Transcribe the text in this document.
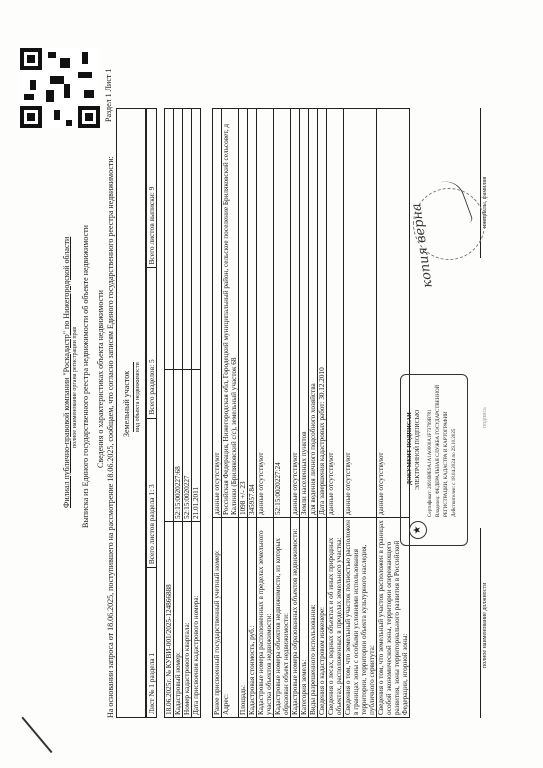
Раздел 1 Лист 1
Филиал публично-правовой компании "Роскадастр" по Нижегородской области полное наименование органа регистрации прав Выписка из Единого государственного реестра недвижимости об объекте недвижимости Сведения о характеристиках объекта недвижимости На основании запроса от 18.06.2025, поступившего на рассмотрение 18.06.2025, сообщаем, что согласно записям Единого государственного реестра недвижимости: Земельный участок вид объекта недвижимости
Лист № 1 раздела 1	Всего листов раздела 1: 3	Всего разделов: 5	Всего листов выписки: 9
18.06.2025г. № КУВИ-001/2025-124866888		
Кадастровый номер:	52:15:0020227:68	
Номер кадастрового квартала:	52:15:0020227	
Дата присвоения кадастрового номера:	21.01.2011	
Ранее присвоенный государственный учетный номер:	данные отсутствуют
Адрес:	Российская Федерация, Нижегородская обл, Городецкий муниципальный район, сельское поселение Бриляковский сельсовет, д Калинки (Бриляковский с/с), земельный участок 68
Площадь:	1098 +/- 23
Кадастровая стоимость, руб.:	345957.84
Кадастровые номера расположенных в пределах земельного участка объектов недвижимости:	данные отсутствуют
Кадастровые номера объектов недвижимости, из которых образован объект недвижимости:	52:15:0020227:24
Кадастровые номера образованных объектов недвижимости:	данные отсутствуют
Категория земель:	Земли населенных пунктов
Виды разрешенного использования:	для ведения личного подсобного хозяйства
Сведения о кадастровом инженере:	Дата завершения кадастровых работ: 30.12.2010
Сведения о лесах, водных объектах и об иных природных объектах, расположенных в пределах земельного участка:	данные отсутствуют
Сведения о том, что земельный участок полностью расположен в границах зоны с особыми условиями использования территории, территории объекта культурного наследия, публичного сервитута:	данные отсутствуют
Сведения о том, что земельный участок расположен в границах особой экономической зоны, территории опережающего развития, зоны территориального развития в Российской Федерации, игорной зоны:	данные отсутствуют
полное наименование должности
подпись
инициалы, фамилия
★
ДОКУМЕНТ ПОДПИСАН ЭЛЕКТРОННОЙ ПОДПИСЬЮ Сертификат: 2691B8E9A1A1A0000A1F73799B781 Владелец: ФЕДЕРАЛЬНАЯ СЛУЖБА ГОСУДАРСТВЕННОЙ РЕГИСТРАЦИИ, КАДАСТРА И КАРТОГРАФИИ Действителен: с 18.04.2024 по 29.10.2025
копия верна
